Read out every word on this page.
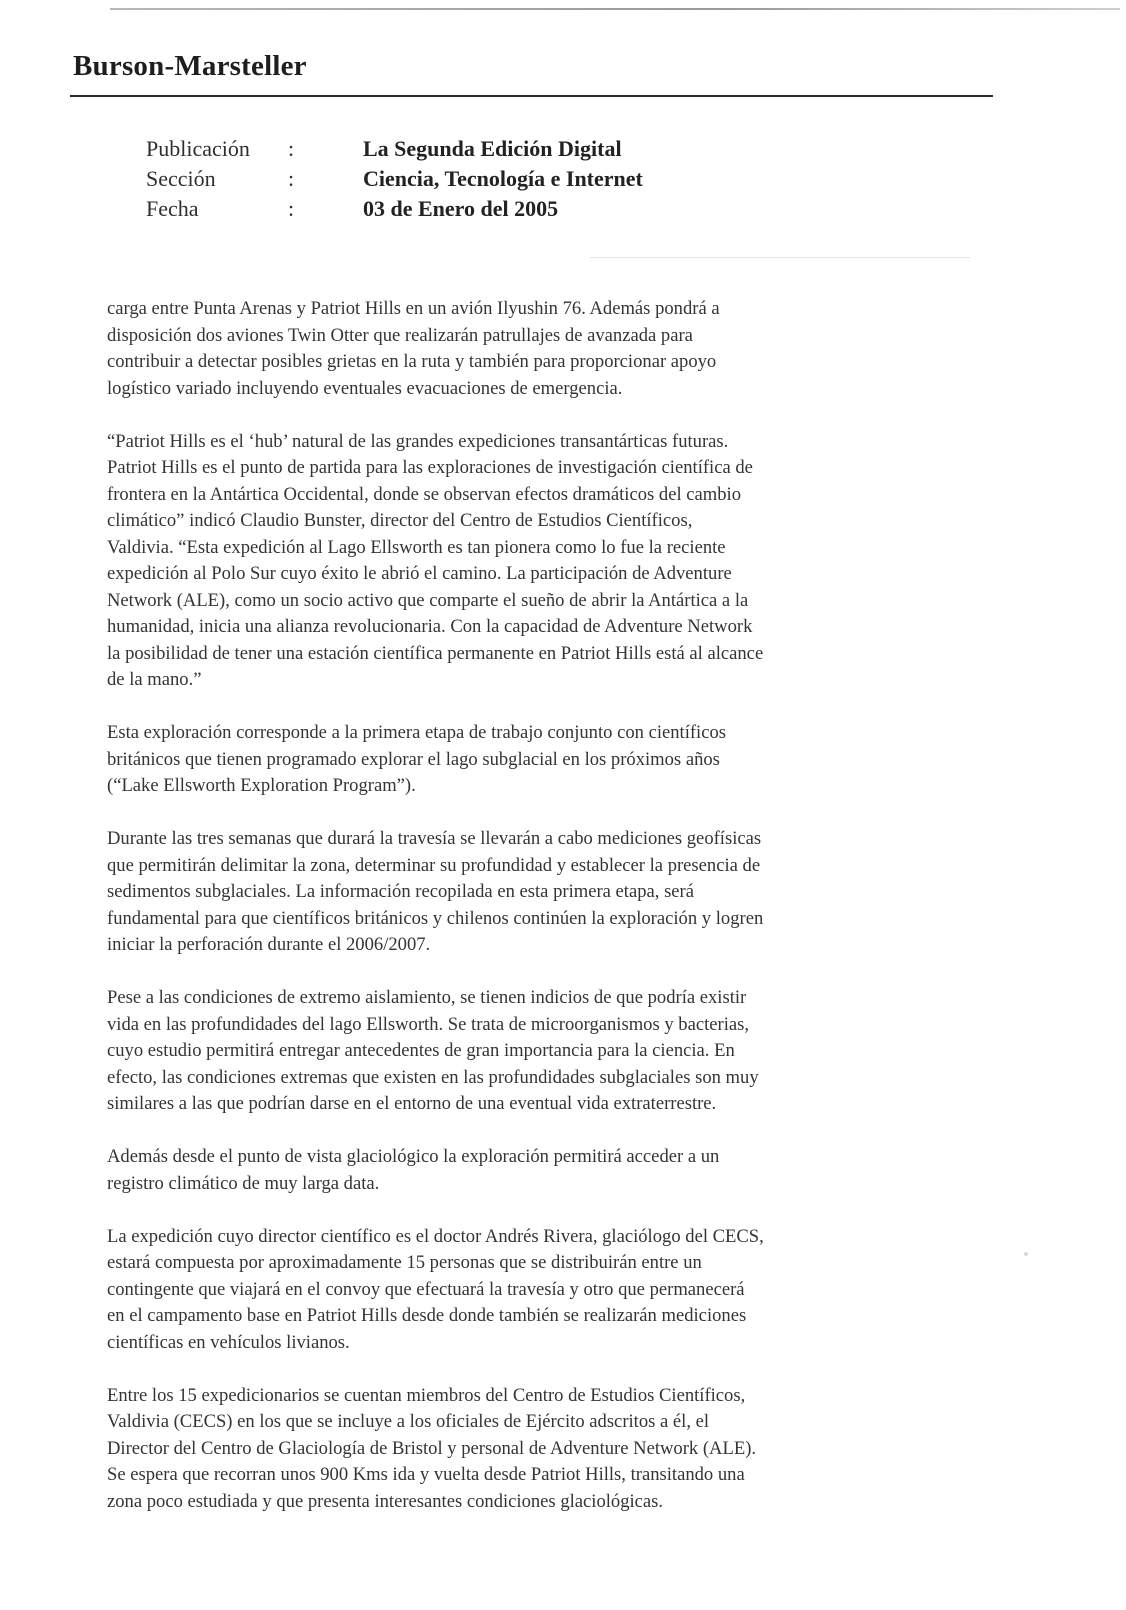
Burson-Marsteller
Publicación	:	La Segunda Edición Digital
Sección	:	Ciencia, Tecnología e Internet
Fecha	:	03 de Enero del 2005

carga entre Punta Arenas y Patriot Hills en un avión Ilyushin 76. Además pondrá a
disposición dos aviones Twin Otter que realizarán patrullajes de avanzada para
contribuir a detectar posibles grietas en la ruta y también para proporcionar apoyo
logístico variado incluyendo eventuales evacuaciones de emergencia.

“Patriot Hills es el ‘hub’ natural de las grandes expediciones transantárticas futuras.
Patriot Hills es el punto de partida para las exploraciones de investigación científica de
frontera en la Antártica Occidental, donde se observan efectos dramáticos del cambio
climático” indicó Claudio Bunster, director del Centro de Estudios Científicos,
Valdivia. “Esta expedición al Lago Ellsworth es tan pionera como lo fue la reciente
expedición al Polo Sur cuyo éxito le abrió el camino. La participación de Adventure
Network (ALE), como un socio activo que comparte el sueño de abrir la Antártica a la
humanidad, inicia una alianza revolucionaria. Con la capacidad de Adventure Network
la posibilidad de tener una estación científica permanente en Patriot Hills está al alcance
de la mano.”

Esta exploración corresponde a la primera etapa de trabajo conjunto con científicos
británicos que tienen programado explorar el lago subglacial en los próximos años
(“Lake Ellsworth Exploration Program”).

Durante las tres semanas que durará la travesía se llevarán a cabo mediciones geofísicas
que permitirán delimitar la zona, determinar su profundidad y establecer la presencia de
sedimentos subglaciales. La información recopilada en esta primera etapa, será
fundamental para que científicos británicos y chilenos continúen la exploración y logren
iniciar la perforación durante el 2006/2007.

Pese a las condiciones de extremo aislamiento, se tienen indicios de que podría existir
vida en las profundidades del lago Ellsworth. Se trata de microorganismos y bacterias,
cuyo estudio permitirá entregar antecedentes de gran importancia para la ciencia. En
efecto, las condiciones extremas que existen en las profundidades subglaciales son muy
similares a las que podrían darse en el entorno de una eventual vida extraterrestre.

Además desde el punto de vista glaciológico la exploración permitirá acceder a un
registro climático de muy larga data.

La expedición cuyo director científico es el doctor Andrés Rivera, glaciólogo del CECS,
estará compuesta por aproximadamente 15 personas que se distribuirán entre un
contingente que viajará en el convoy que efectuará la travesía y otro que permanecerá
en el campamento base en Patriot Hills desde donde también se realizarán mediciones
científicas en vehículos livianos.

Entre los 15 expedicionarios se cuentan miembros del Centro de Estudios Científicos,
Valdivia (CECS) en los que se incluye a los oficiales de Ejército adscritos a él, el
Director del Centro de Glaciología de Bristol y personal de Adventure Network (ALE).
Se espera que recorran unos 900 Kms ida y vuelta desde Patriot Hills, transitando una
zona poco estudiada y que presenta interesantes condiciones glaciológicas.
